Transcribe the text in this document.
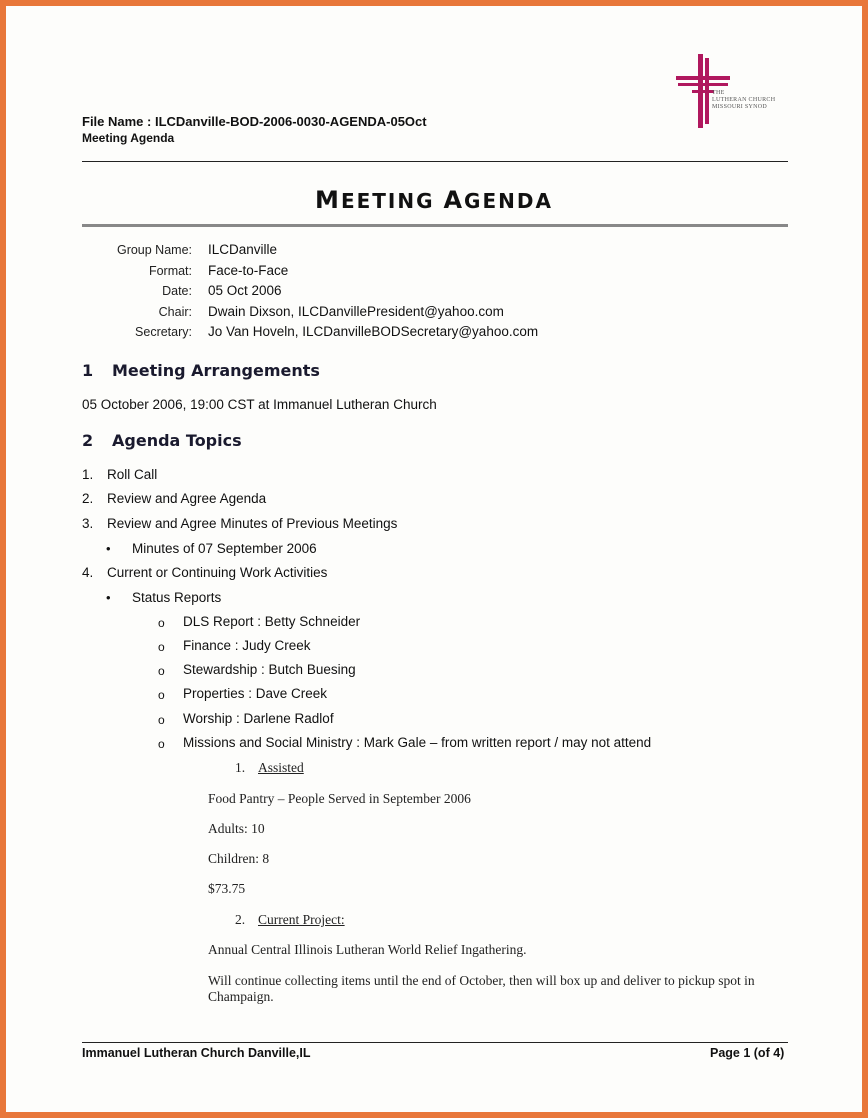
THE
LUTHERAN CHURCH
MISSOURI SYNOD
File Name : ILCDanville-BOD-2006-0030-AGENDA-05Oct
Meeting Agenda
MEETING AGENDA
Group Name: ILCDanville
Format: Face-to-Face
Date: 05 Oct 2006
Chair: Dwain Dixson, ILCDanvillePresident@yahoo.com
Secretary: Jo Van Hoveln, ILCDanvilleBODSecretary@yahoo.com
1 Meeting Arrangements
05 October 2006, 19:00 CST at Immanuel Lutheran Church
2 Agenda Topics
1. Roll Call
2. Review and Agree Agenda
3. Review and Agree Minutes of Previous Meetings
• Minutes of 07 September 2006
4. Current or Continuing Work Activities
• Status Reports
o DLS Report : Betty Schneider
o Finance : Judy Creek
o Stewardship : Butch Buesing
o Properties : Dave Creek
o Worship : Darlene Radlof
o Missions and Social Ministry : Mark Gale – from written report / may not attend
1. Assisted
Food Pantry – People Served in September 2006
Adults: 10
Children: 8
$73.75
2. Current Project:
Annual Central Illinois Lutheran World Relief Ingathering.
Will continue collecting items until the end of October, then will box up and deliver to pickup spot in
Champaign.
Immanuel Lutheran Church Danville,IL	Page 1 (of 4)
